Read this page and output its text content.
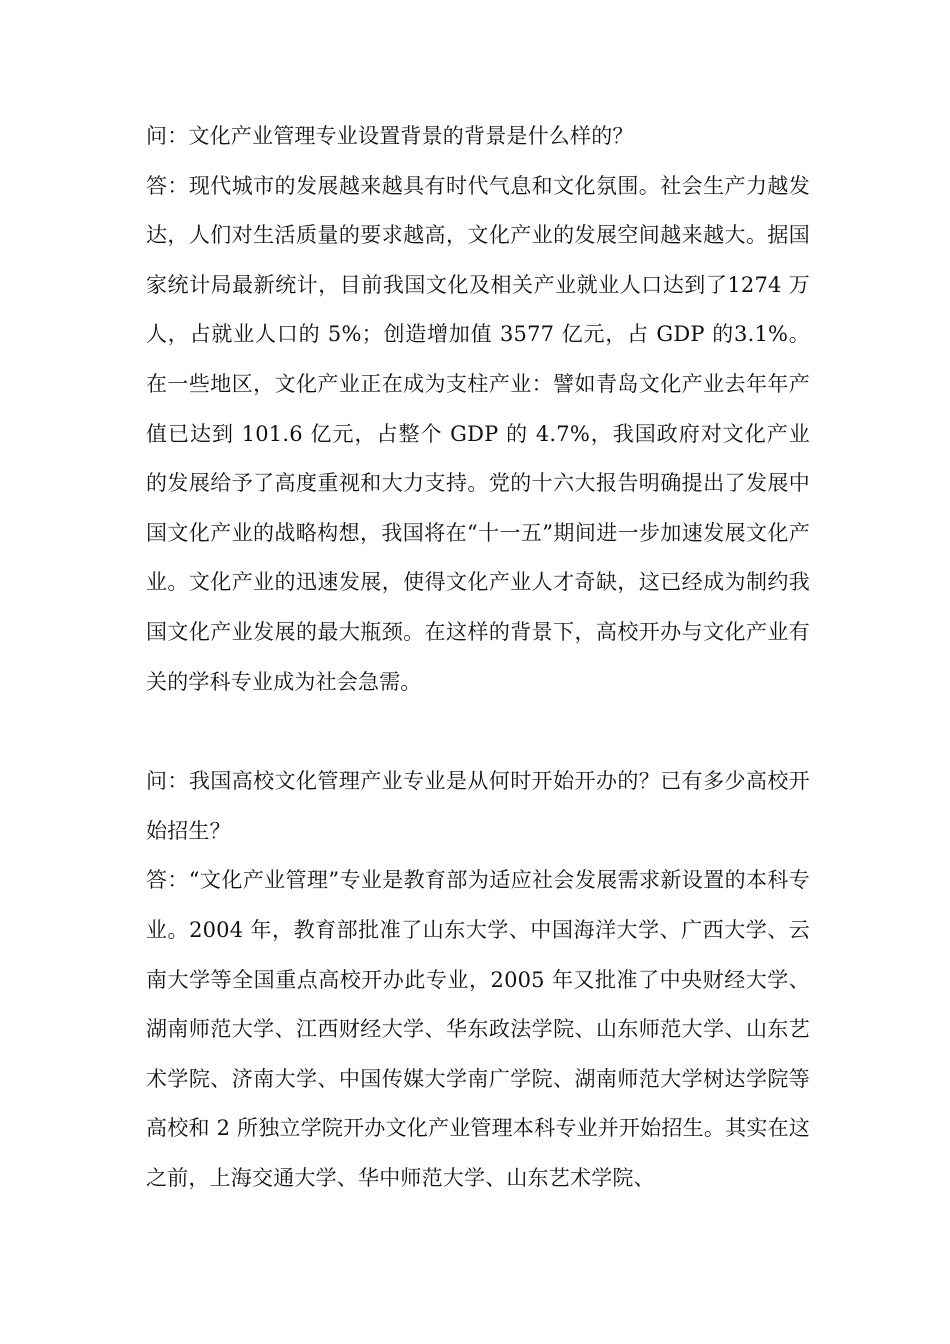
问：文化产业管理专业设置背景的背景是什么样的？

答：现代城市的发展越来越具有时代气息和文化氛围。社会生产力越发达，人们对生活质量的要求越高，文化产业的发展空间越来越大。据国家统计局最新统计，目前我国文化及相关产业就业人口达到了1274 万人，占就业人口的 5%；创造增加值 3577 亿元，占 GDP 的3.1%。在一些地区，文化产业正在成为支柱产业：譬如青岛文化产业去年年产值已达到 101.6 亿元，占整个 GDP 的 4.7%，我国政府对文化产业的发展给予了高度重视和大力支持。党的十六大报告明确提出了发展中国文化产业的战略构想，我国将在“十一五”期间进一步加速发展文化产业。文化产业的迅速发展，使得文化产业人才奇缺，这已经成为制约我国文化产业发展的最大瓶颈。在这样的背景下，高校开办与文化产业有关的学科专业成为社会急需。

问：我国高校文化管理产业专业是从何时开始开办的？已有多少高校开始招生？

答：“文化产业管理”专业是教育部为适应社会发展需求新设置的本科专业。2004 年，教育部批准了山东大学、中国海洋大学、广西大学、云南大学等全国重点高校开办此专业，2005 年又批准了中央财经大学、湖南师范大学、江西财经大学、华东政法学院、山东师范大学、山东艺术学院、济南大学、中国传媒大学南广学院、湖南师范大学树达学院等高校和 2 所独立学院开办文化产业管理本科专业并开始招生。其实在这之前，上海交通大学、华中师范大学、山东艺术学院、
